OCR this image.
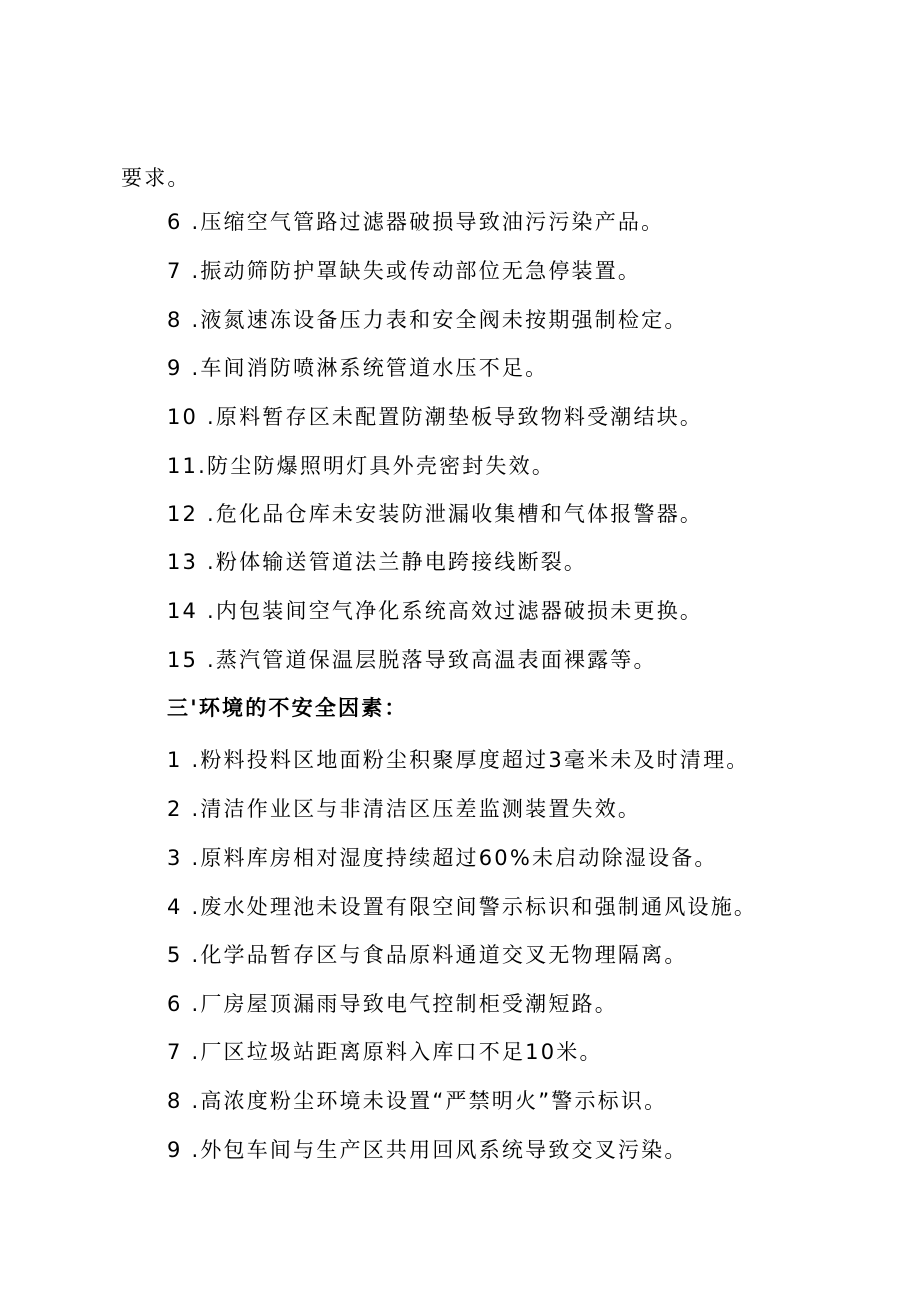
要求。
6 .压缩空气管路过滤器破损导致油污污染产品。
7 .振动筛防护罩缺失或传动部位无急停装置。
8 .液氮速冻设备压力表和安全阀未按期强制检定。
9 .车间消防喷淋系统管道水压不足。
10 .原料暂存区未配置防潮垫板导致物料受潮结块。
11.防尘防爆照明灯具外壳密封失效。
12 .危化品仓库未安装防泄漏收集槽和气体报警器。
13 .粉体输送管道法兰静电跨接线断裂。
14 .内包装间空气净化系统高效过滤器破损未更换。
15 .蒸汽管道保温层脱落导致高温表面裸露等。
三'环境的不安全因素：
1 .粉料投料区地面粉尘积聚厚度超过3毫米未及时清理。
2 .清洁作业区与非清洁区压差监测装置失效。
3 .原料库房相对湿度持续超过60%未启动除湿设备。
4 .废水处理池未设置有限空间警示标识和强制通风设施。
5 .化学品暂存区与食品原料通道交叉无物理隔离。
6 .厂房屋顶漏雨导致电气控制柜受潮短路。
7 .厂区垃圾站距离原料入库口不足10米。
8 .高浓度粉尘环境未设置“严禁明火”警示标识。
9 .外包车间与生产区共用回风系统导致交叉污染。
